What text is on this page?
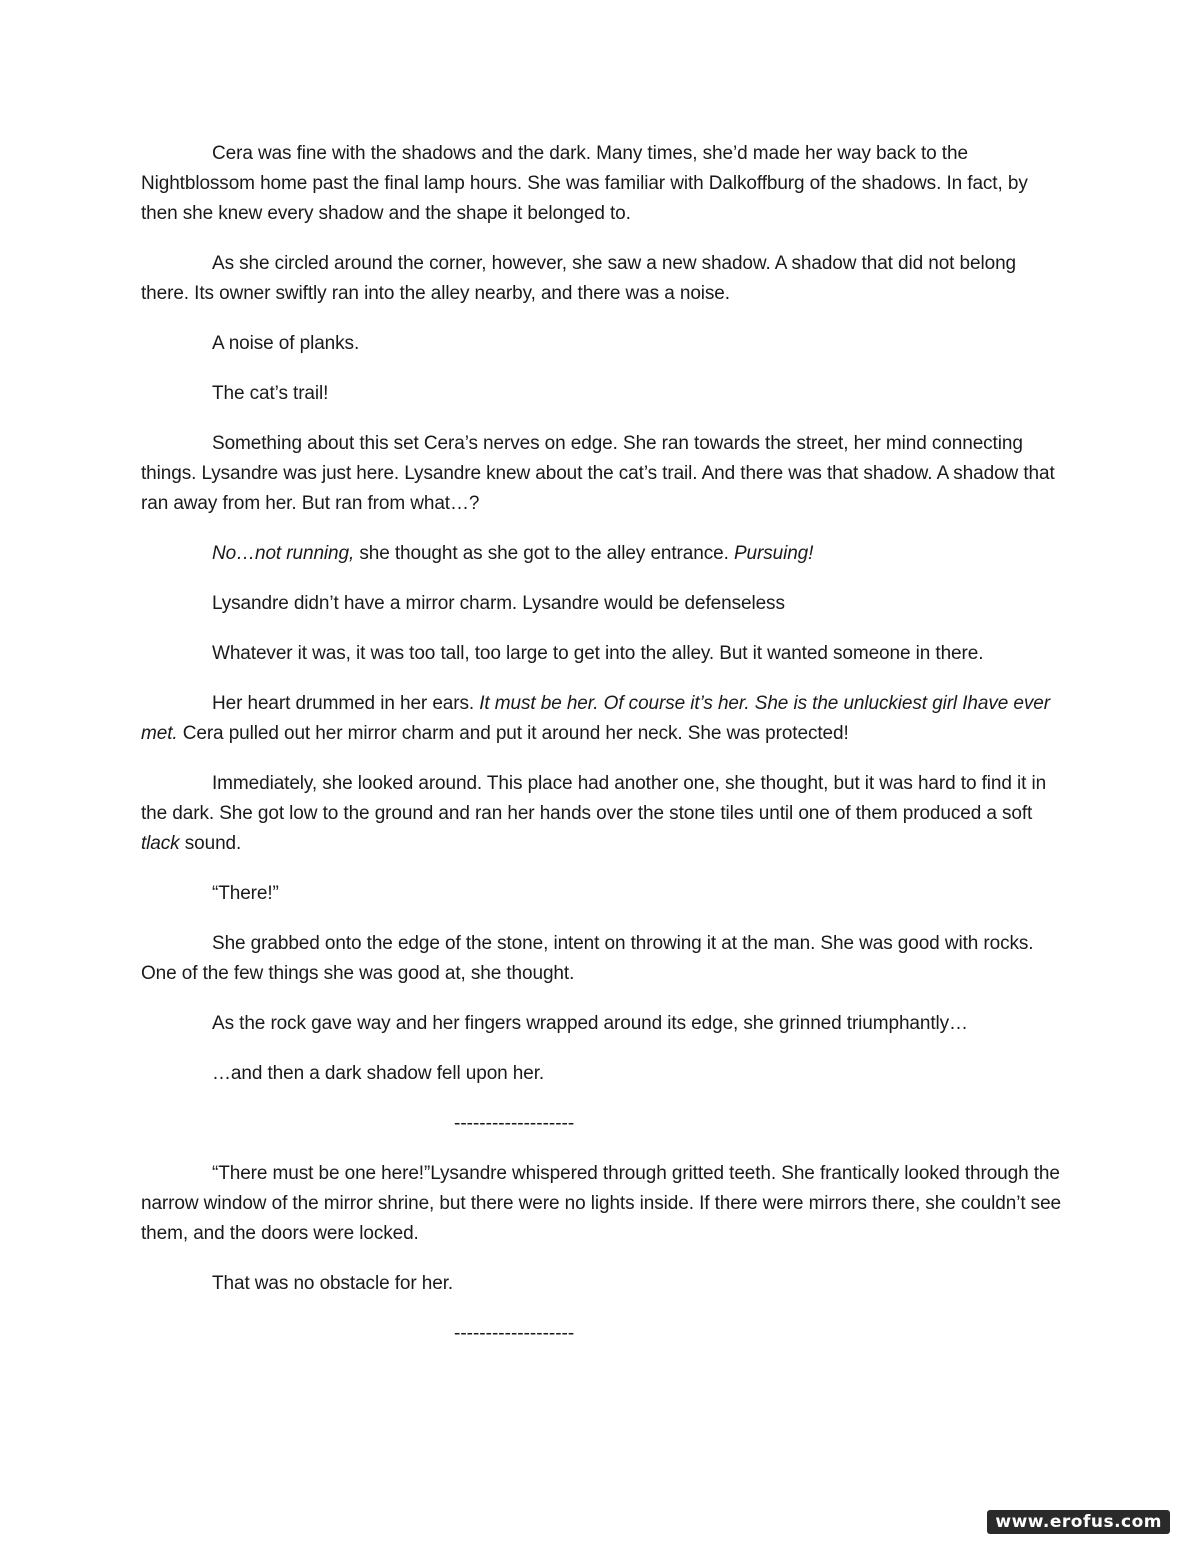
Cera was fine with the shadows and the dark. Many times, she’d made her way back to the Nightblossom home past the final lamp hours. She was familiar with Dalkoffburg of the shadows. In fact, by then she knew every shadow and the shape it belonged to.

As she circled around the corner, however, she saw a new shadow. A shadow that did not belong there. Its owner swiftly ran into the alley nearby, and there was a noise.

A noise of planks.

The cat’s trail!

Something about this set Cera’s nerves on edge. She ran towards the street, her mind connecting things. Lysandre was just here. Lysandre knew about the cat’s trail. And there was that shadow. A shadow that ran away from her. But ran from what…?

No…not running, she thought as she got to the alley entrance. Pursuing!

Lysandre didn’t have a mirror charm. Lysandre would be defenseless

Whatever it was, it was too tall, too large to get into the alley. But it wanted someone in there.

Her heart drummed in her ears. It must be her. Of course it’s her. She is the unluckiest girl Ihave ever met. Cera pulled out her mirror charm and put it around her neck. She was protected!

Immediately, she looked around. This place had another one, she thought, but it was hard to find it in the dark. She got low to the ground and ran her hands over the stone tiles until one of them produced a soft tlack sound.

“There!”

She grabbed onto the edge of the stone, intent on throwing it at the man. She was good with rocks. One of the few things she was good at, she thought.

As the rock gave way and her fingers wrapped around its edge, she grinned triumphantly…

…and then a dark shadow fell upon her.

-------------------

“There must be one here!”Lysandre whispered through gritted teeth. She frantically looked through the narrow window of the mirror shrine, but there were no lights inside. If there were mirrors there, she couldn’t see them, and the doors were locked.

That was no obstacle for her.

-------------------

www.erofus.com
